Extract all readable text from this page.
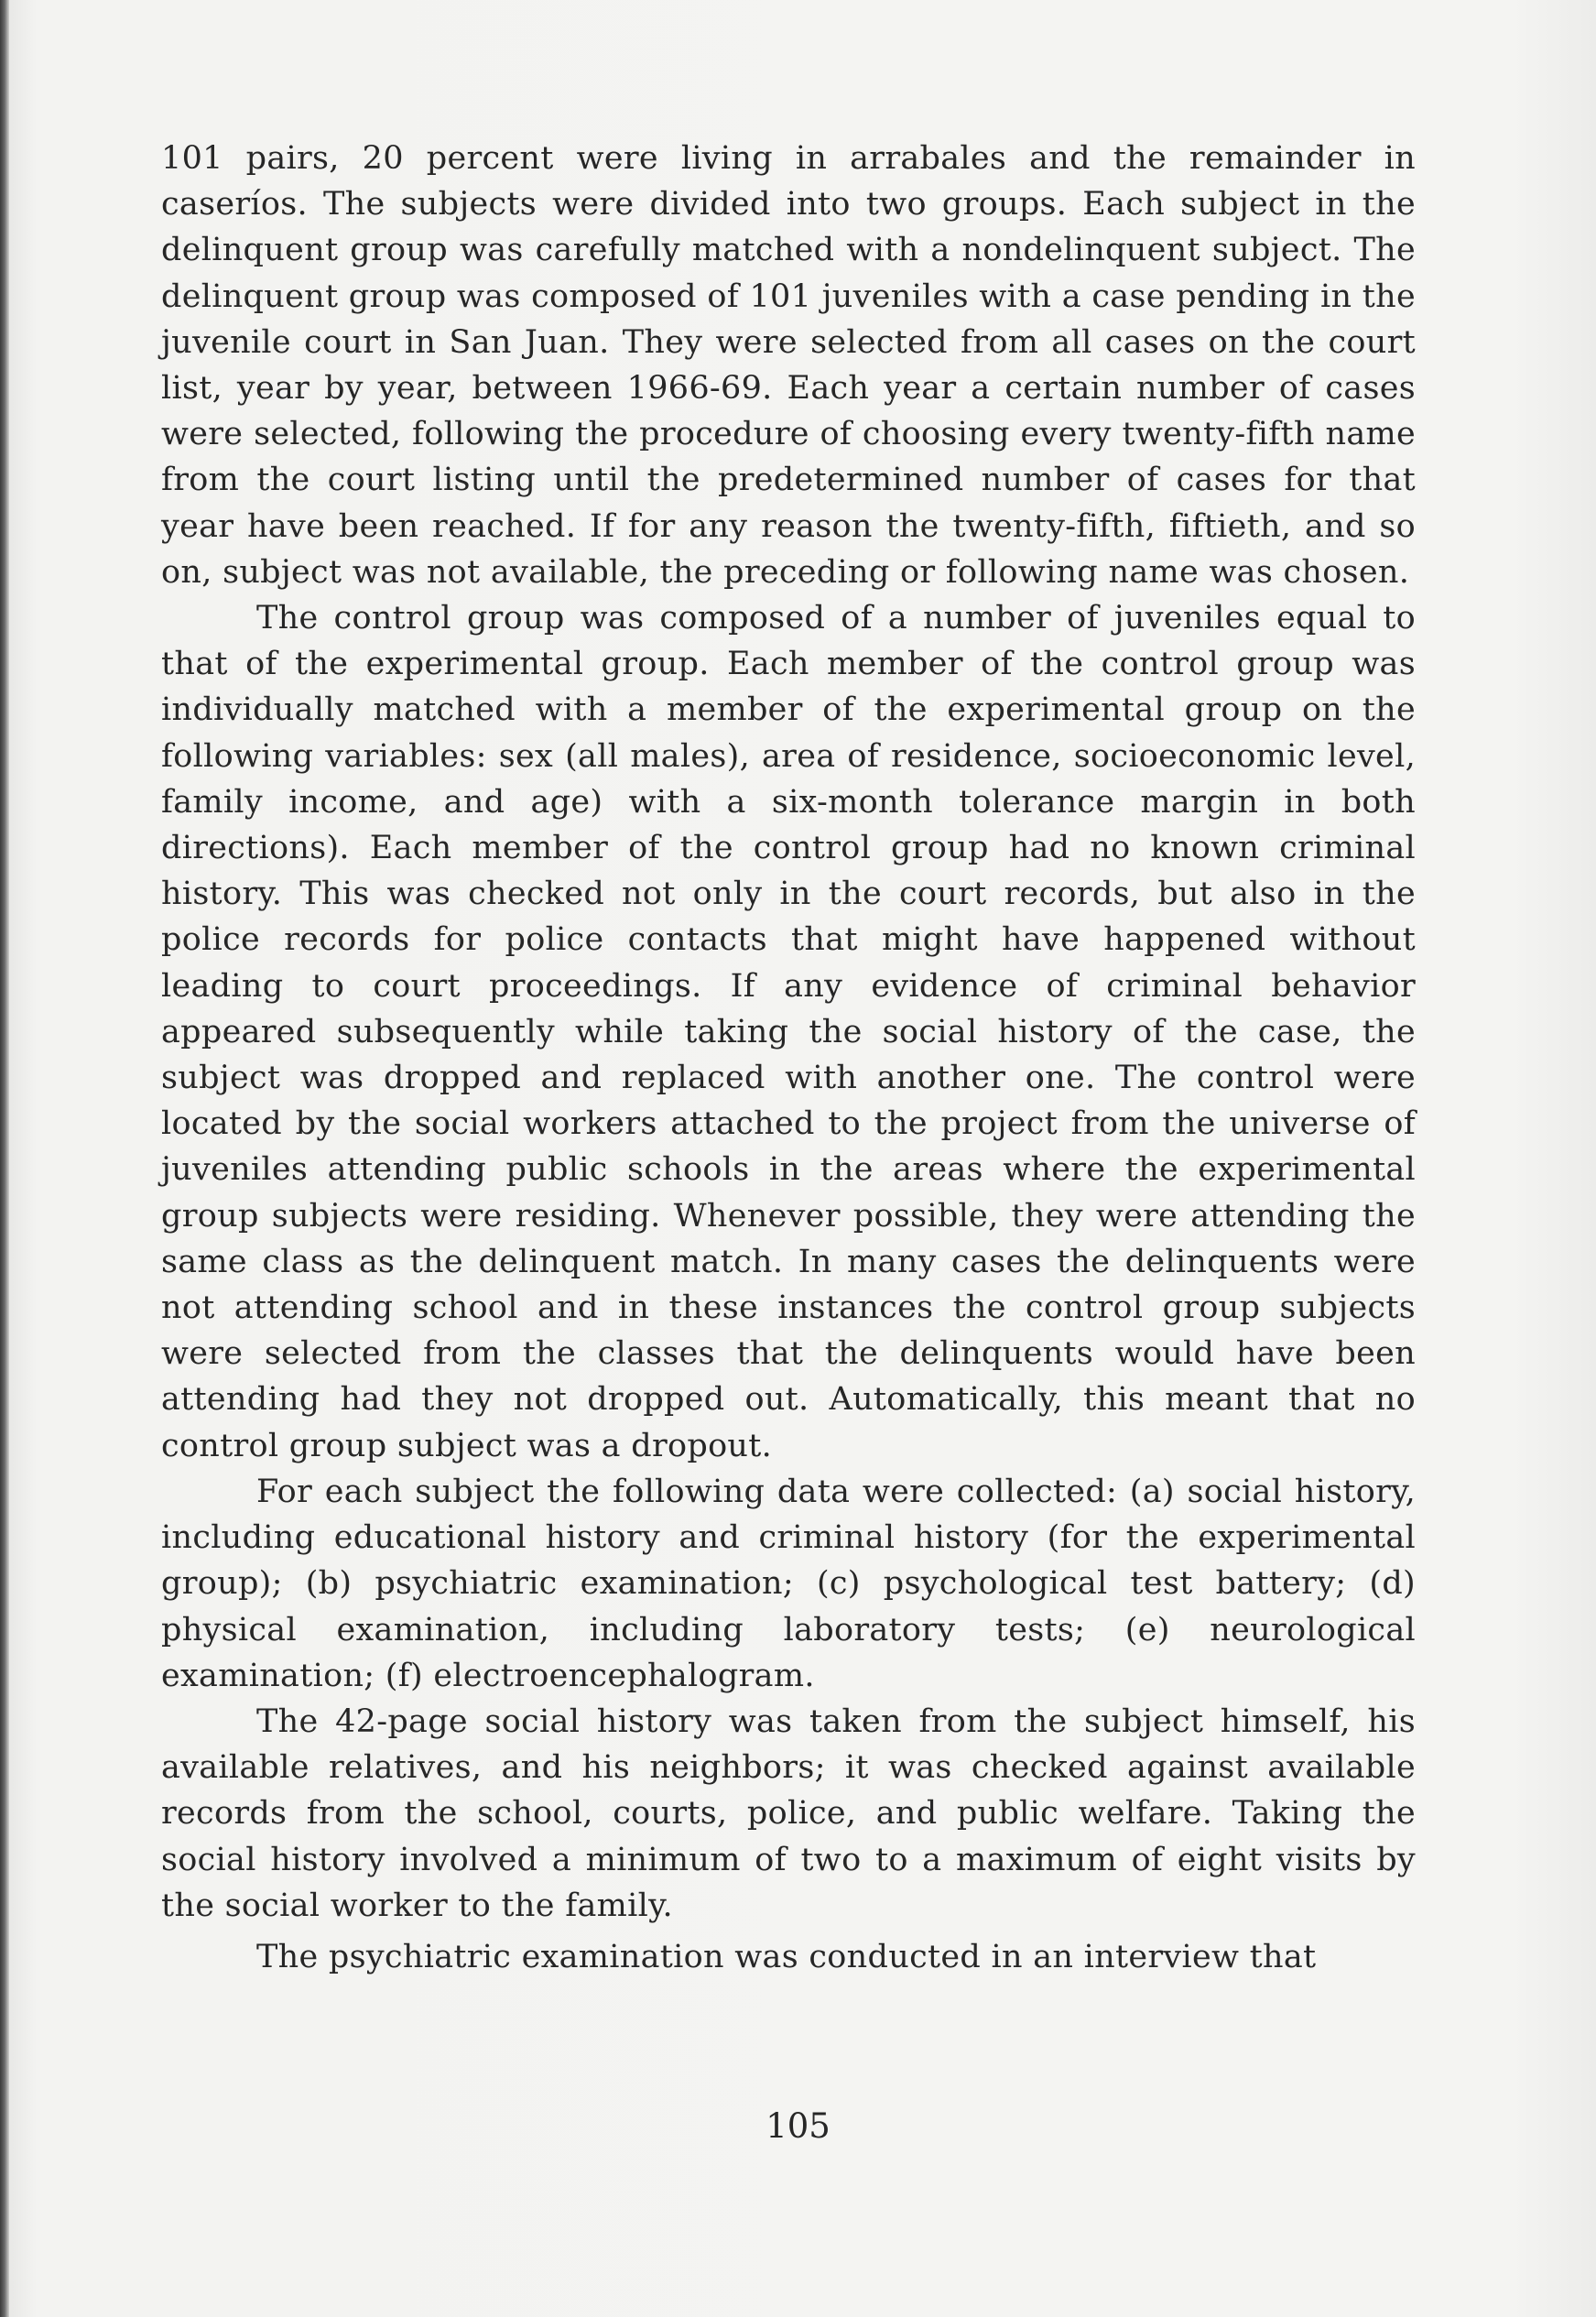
101 pairs, 20 percent were living in arrabales and the remainder in caseríos. The subjects were divided into two groups. Each subject in the delinquent group was carefully matched with a nondelinquent subject. The delinquent group was composed of 101 juveniles with a case pending in the juvenile court in San Juan. They were selected from all cases on the court list, year by year, between 1966-69. Each year a certain number of cases were selected, following the procedure of choosing every twenty-fifth name from the court listing until the predetermined number of cases for that year have been reached. If for any reason the twenty-fifth, fiftieth, and so on, subject was not available, the preceding or following name was chosen.

The control group was composed of a number of juveniles equal to that of the experimental group. Each member of the control group was individually matched with a member of the experimental group on the following variables: sex (all males), area of residence, socioeconomic level, family income, and age) with a six-month tolerance margin in both directions). Each member of the control group had no known criminal history. This was checked not only in the court records, but also in the police records for police contacts that might have happened without leading to court proceedings. If any evidence of criminal behavior appeared subsequently while taking the social history of the case, the subject was dropped and replaced with another one. The control were located by the social workers attached to the project from the universe of juveniles attending public schools in the areas where the experimental group subjects were residing. Whenever possible, they were attending the same class as the delinquent match. In many cases the delinquents were not attending school and in these instances the control group subjects were selected from the classes that the delinquents would have been attending had they not dropped out. Automatically, this meant that no control group subject was a dropout.

For each subject the following data were collected: (a) social history, including educational history and criminal history (for the experimental group); (b) psychiatric examination; (c) psychological test battery; (d) physical examination, including laboratory tests; (e) neurological examination; (f) electroencephalogram.

The 42-page social history was taken from the subject himself, his available relatives, and his neighbors; it was checked against available records from the school, courts, police, and public welfare. Taking the social history involved a minimum of two to a maximum of eight visits by the social worker to the family.

The psychiatric examination was conducted in an interview that

105
